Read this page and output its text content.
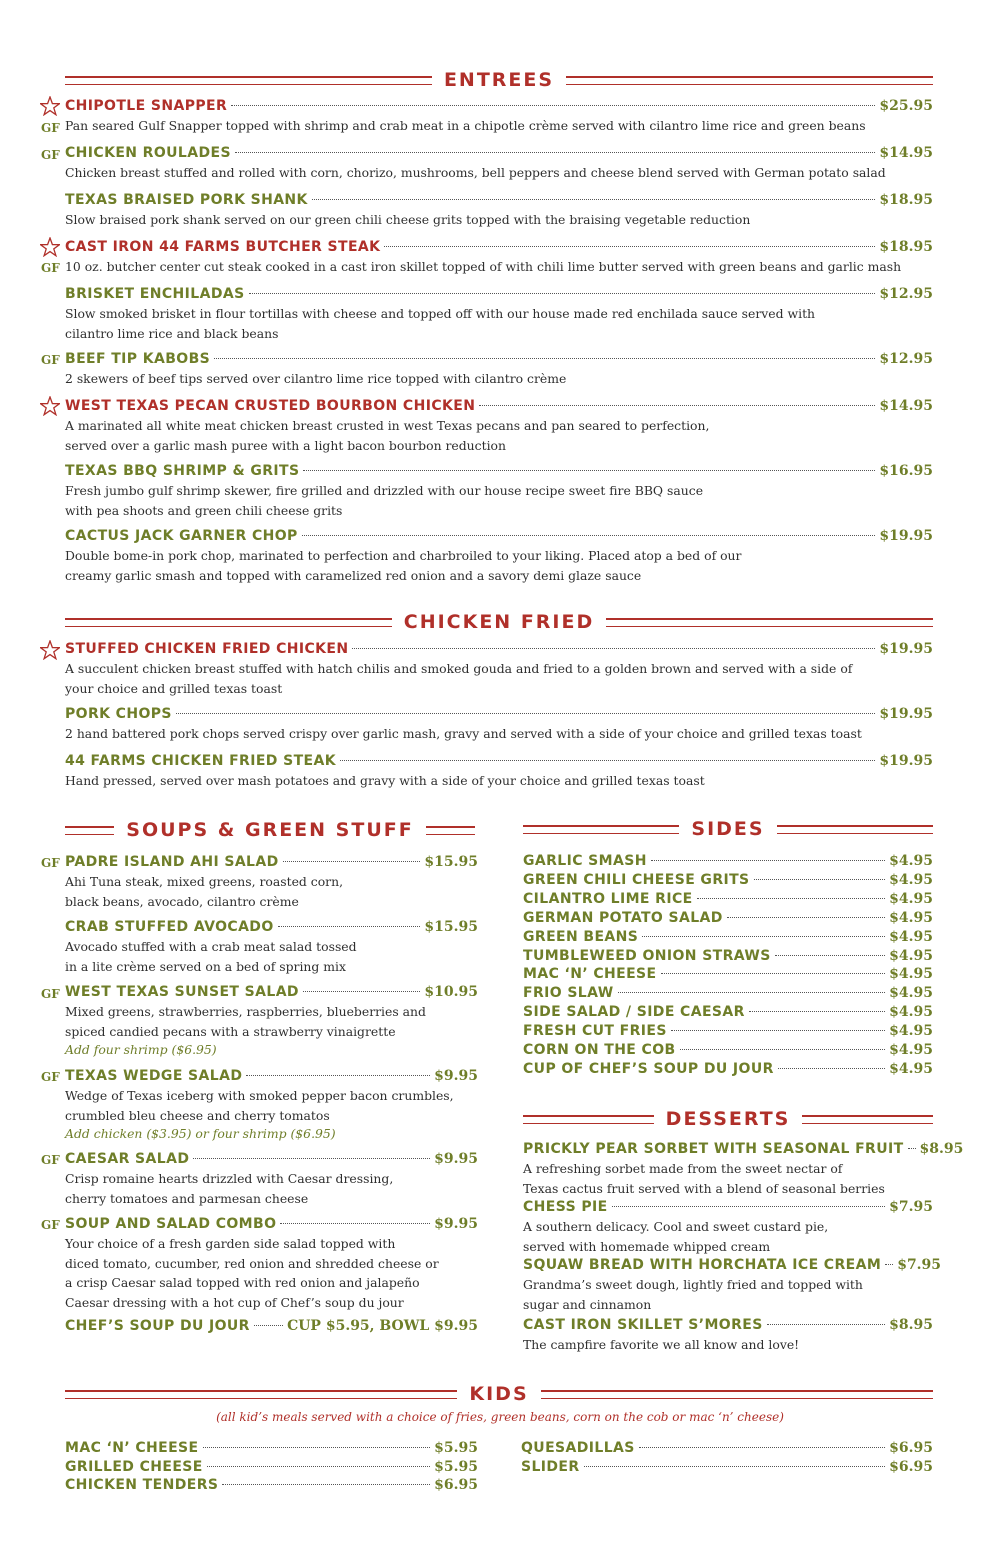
ENTREES
CHICKEN FRIED
SOUPS & GREEN STUFF	SIDES
DESSERTS
KIDS
(all kid’s meals served with a choice of fries, green beans, corn on the cob or mac ‘n’ cheese)
CHIPOTLE SNAPPER	$25.95
Pan seared Gulf Snapper topped with shrimp and crab meat in a chipotle crème served with cilantro lime rice and green beans
CHICKEN ROULADES	$14.95
Chicken breast stuffed and rolled with corn, chorizo, mushrooms, bell peppers and cheese blend served with German potato salad
TEXAS BRAISED PORK SHANK	$18.95
Slow braised pork shank served on our green chili cheese grits topped with the braising vegetable reduction
CAST IRON 44 FARMS BUTCHER STEAK	$18.95
10 oz. butcher center cut steak cooked in a cast iron skillet topped of with chili lime butter served with green beans and garlic mash
BRISKET ENCHILADAS	$12.95
Slow smoked brisket in flour tortillas with cheese and topped off with our house made red enchilada sauce served with
cilantro lime rice and black beans
BEEF TIP KABOBS	$12.95
2 skewers of beef tips served over cilantro lime rice topped with cilantro crème
WEST TEXAS PECAN CRUSTED BOURBON CHICKEN	$14.95
A marinated all white meat chicken breast crusted in west Texas pecans and pan seared to perfection,
served over a garlic mash puree with a light bacon bourbon reduction
TEXAS BBQ SHRIMP & GRITS	$16.95
Fresh jumbo gulf shrimp skewer, fire grilled and drizzled with our house recipe sweet fire BBQ sauce
with pea shoots and green chili cheese grits
CACTUS JACK GARNER CHOP	$19.95
Double bome-in pork chop, marinated to perfection and charbroiled to your liking. Placed atop a bed of our
creamy garlic smash and topped with caramelized red onion and a savory demi glaze sauce
GF
GF
GF
GF
STUFFED CHICKEN FRIED CHICKEN	$19.95
A succulent chicken breast stuffed with hatch chilis and smoked gouda and fried to a golden brown and served with a side of
your choice and grilled texas toast
PORK CHOPS	$19.95
2 hand battered pork chops served crispy over garlic mash, gravy and served with a side of your choice and grilled texas toast
44 FARMS CHICKEN FRIED STEAK	$19.95
Hand pressed, served over mash potatoes and gravy with a side of your choice and grilled texas toast
PADRE ISLAND AHI SALAD	$15.95
Ahi Tuna steak, mixed greens, roasted corn,
black beans, avocado, cilantro crème
CRAB STUFFED AVOCADO	$15.95
Avocado stuffed with a crab meat salad tossed
in a lite crème served on a bed of spring mix
WEST TEXAS SUNSET SALAD	$10.95
Mixed greens, strawberries, raspberries, blueberries and
spiced candied pecans with a strawberry vinaigrette
Add four shrimp ($6.95)
TEXAS WEDGE SALAD	$9.95
Wedge of Texas iceberg with smoked pepper bacon crumbles,
crumbled bleu cheese and cherry tomatos
Add chicken ($3.95) or four shrimp ($6.95)
CAESAR SALAD	$9.95
Crisp romaine hearts drizzled with Caesar dressing,
cherry tomatoes and parmesan cheese
SOUP AND SALAD COMBO	$9.95
Your choice of a fresh garden side salad topped with
diced tomato, cucumber, red onion and shredded cheese or
a crisp Caesar salad topped with red onion and jalapeño
Caesar dressing with a hot cup of Chef’s soup du jour
CHEF’S SOUP DU JOUR	CUP $5.95, BOWL $9.95
GF
GF
GF
GF
GF
GARLIC SMASH	$4.95
GREEN CHILI CHEESE GRITS	$4.95
CILANTRO LIME RICE	$4.95
GERMAN POTATO SALAD	$4.95
GREEN BEANS	$4.95
TUMBLEWEED ONION STRAWS	$4.95
MAC ‘N’ CHEESE	$4.95
FRIO SLAW	$4.95
SIDE SALAD / SIDE CAESAR	$4.95
FRESH CUT FRIES	$4.95
CORN ON THE COB	$4.95
CUP OF CHEF’S SOUP DU JOUR	$4.95
PRICKLY PEAR SORBET WITH SEASONAL FRUIT $8.95
A refreshing sorbet made from the sweet nectar of
Texas cactus fruit served with a blend of seasonal berries
CHESS PIE	$7.95
A southern delicacy. Cool and sweet custard pie,
served with homemade whipped cream
SQUAW BREAD WITH HORCHATA ICE CREAM $7.95
Grandma’s sweet dough, lightly fried and topped with
sugar and cinnamon
CAST IRON SKILLET S’MORES	$8.95
The campfire favorite we all know and love!
MAC ‘N’ CHEESE	$5.95
GRILLED CHEESE	$5.95
CHICKEN TENDERS	$6.95
QUESADILLAS	$6.95
SLIDER	$6.95
